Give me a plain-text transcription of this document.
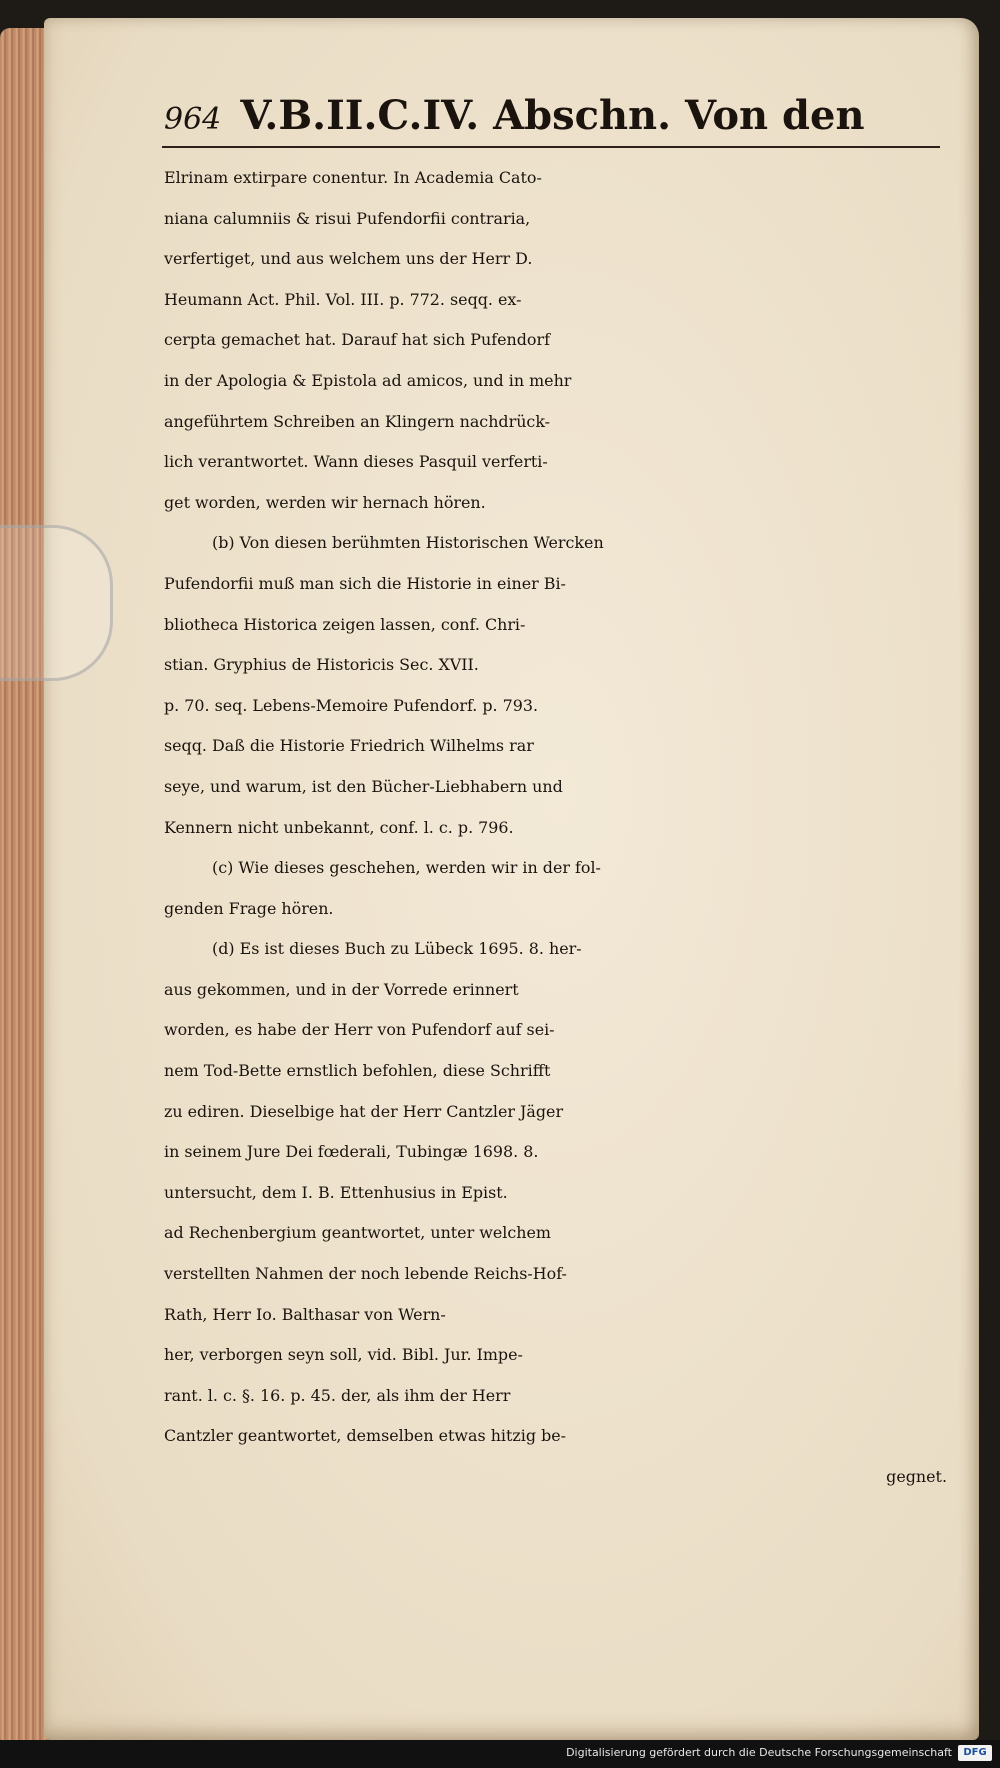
964 V.B.II.C.IV. Abschn. Von den
Elrinam extirpare conentur. In Academia Cato-
niana calumniis & risui Pufendorfii contraria,
verfertiget, und aus welchem uns der Herr D.
Heumann Act. Phil. Vol. III. p. 772. seqq. ex-
cerpta gemachet hat. Darauf hat sich Pufendorf
in der Apologia & Epistola ad amicos, und in mehr
angeführtem Schreiben an Klingern nachdrück-
lich verantwortet. Wann dieses Pasquil verferti-
get worden, werden wir hernach hören.
(b) Von diesen berühmten Historischen Wercken
Pufendorfii muß man sich die Historie in einer Bi-
bliotheca Historica zeigen lassen, conf. Chri-
stian. Gryphius de Historicis Sec. XVII.
p. 70. seq. Lebens-Memoire Pufendorf. p. 793.
seqq. Daß die Historie Friedrich Wilhelms rar
seye, und warum, ist den Bücher-Liebhabern und
Kennern nicht unbekannt, conf. l. c. p. 796.
(c) Wie dieses geschehen, werden wir in der fol-
genden Frage hören.
(d) Es ist dieses Buch zu Lübeck 1695. 8. her-
aus gekommen, und in der Vorrede erinnert
worden, es habe der Herr von Pufendorf auf sei-
nem Tod-Bette ernstlich befohlen, diese Schrifft
zu ediren. Dieselbige hat der Herr Cantzler Jäger
in seinem Jure Dei fœderali, Tubingæ 1698. 8.
untersucht, dem I. B. Ettenhusius in Epist.
ad Rechenbergium geantwortet, unter welchem
verstellten Nahmen der noch lebende Reichs-Hof-
Rath, Herr Io. Balthasar von Wern-
her, verborgen seyn soll, vid. Bibl. Jur. Impe-
rant. l. c. §. 16. p. 45. der, als ihm der Herr
Cantzler geantwortet, demselben etwas hitzig be-
gegnet.
Digitalisierung gefördert durch die Deutsche Forschungsgemeinschaft	DFG
